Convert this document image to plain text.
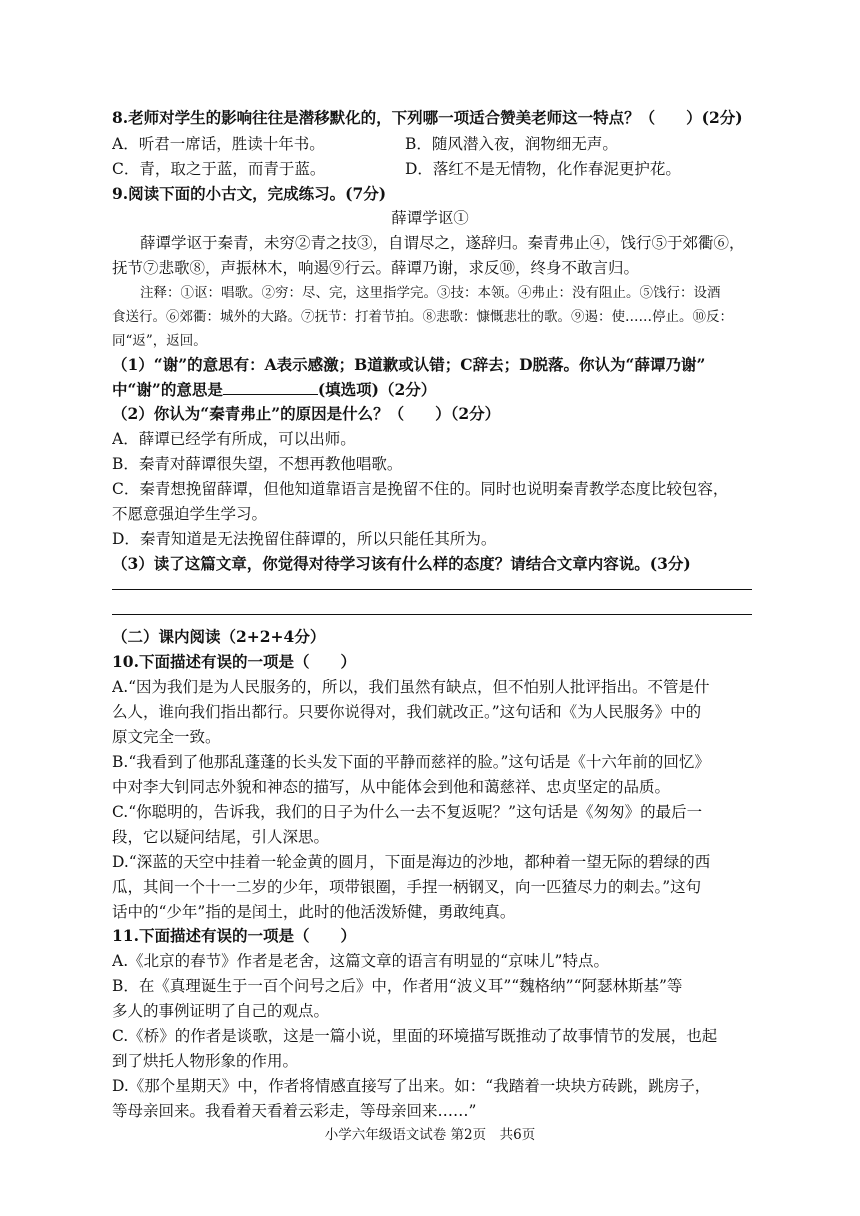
8.老师对学生的影响往往是潜移默化的，下列哪一项适合赞美老师这一特点？（　　）(2分)
A．听君一席话，胜读十年书。	B．随风潜入夜，润物细无声。
C．青，取之于蓝，而青于蓝。	D．落红不是无情物，化作春泥更护花。
9.阅读下面的小古文，完成练习。(7分)
薛谭学讴①
薛谭学讴于秦青，未穷②青之技③，自谓尽之，遂辞归。秦青弗止④，饯行⑤于郊衢⑥，
抚节⑦悲歌⑧，声振林木，响遏⑨行云。薛谭乃谢，求反⑩，终身不敢言归。
注释：①讴：唱歌。②穷：尽、完，这里指学完。③技：本领。④弗止：没有阻止。⑤饯行：设酒
食送行。⑥郊衢：城外的大路。⑦抚节：打着节拍。⑧悲歌：慷慨悲壮的歌。⑨遏：使……停止。⑩反：
同“返”，返回。
（1）“谢”的意思有：A表示感激；B道歉或认错；C辞去；D脱落。你认为“薛谭乃谢”
中“谢”的意思是	(填选项)（2分）
（2）你认为“秦青弗止”的原因是什么？（　　）（2分）
A．薛谭已经学有所成，可以出师。
B．秦青对薛谭很失望，不想再教他唱歌。
C．秦青想挽留薛谭，但他知道靠语言是挽留不住的。同时也说明秦青教学态度比较包容，
不愿意强迫学生学习。
D．秦青知道是无法挽留住薛谭的，所以只能任其所为。
（3）读了这篇文章，你觉得对待学习该有什么样的态度？请结合文章内容说。(3分)
（二）课内阅读（2+2+4分）
10.下面描述有误的一项是（　　）
A.“因为我们是为人民服务的，所以，我们虽然有缺点，但不怕别人批评指出。不管是什
么人，谁向我们指出都行。只要你说得对，我们就改正。”这句话和《为人民服务》中的
原文完全一致。
B.“我看到了他那乱蓬蓬的长头发下面的平静而慈祥的脸。”这句话是《十六年前的回忆》
中对李大钊同志外貌和神态的描写，从中能体会到他和蔼慈祥、忠贞坚定的品质。
C.“你聪明的，告诉我，我们的日子为什么一去不复返呢？”这句话是《匆匆》的最后一
段，它以疑问结尾，引人深思。
D.“深蓝的天空中挂着一轮金黄的圆月，下面是海边的沙地，都种着一望无际的碧绿的西
瓜，其间一个十一二岁的少年，项带银圈，手捏一柄钢叉，向一匹猹尽力的刺去。”这句
话中的“少年”指的是闰土，此时的他活泼矫健，勇敢纯真。
11.下面描述有误的一项是（　　）
A.《北京的春节》作者是老舍，这篇文章的语言有明显的“京味儿”特点。
B．在《真理诞生于一百个问号之后》中，作者用“波义耳”“魏格纳”“阿瑟林斯基”等
多人的事例证明了自己的观点。
C.《桥》的作者是谈歌，这是一篇小说，里面的环境描写既推动了故事情节的发展，也起
到了烘托人物形象的作用。
D.《那个星期天》中，作者将情感直接写了出来。如：“我踏着一块块方砖跳，跳房子，
等母亲回来。我看着天看着云彩走，等母亲回来……”
小学六年级语文试卷 第2页　共6页
